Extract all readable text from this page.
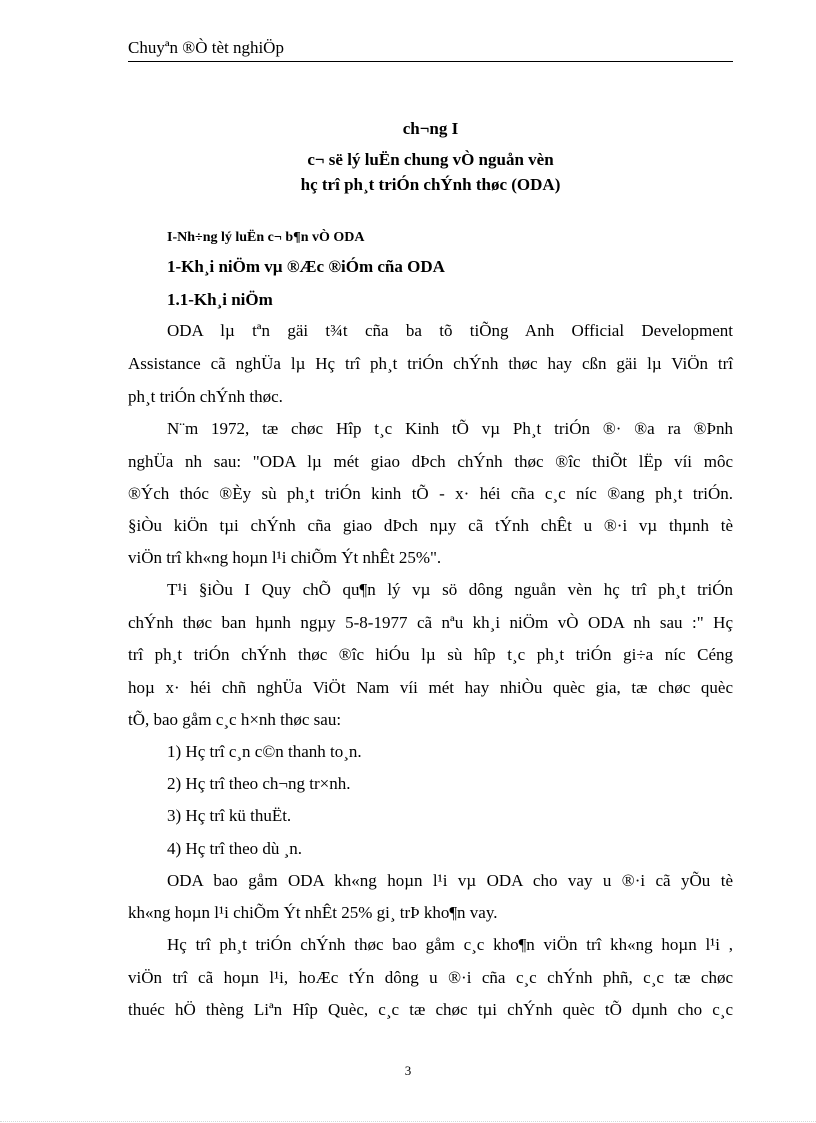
Chuyªn ®Ò tèt nghiÖp
ch¬ng I
c¬ së lý luËn chung vÒ nguån vèn
hç trî ph¸t triÓn chÝnh thøc (ODA)
I-Nh÷ng lý luËn c¬ b¶n vÒ ODA
1-Kh¸i niÖm vµ ®Æc ®iÓm cña ODA
1.1-Kh¸i niÖm
ODA lµ tªn gäi t¾t cña ba tõ tiÕng Anh Official Development
Assistance cã nghÜa lµ Hç trî ph¸t triÓn chÝnh thøc hay cßn gäi lµ ViÖn trî
ph¸t triÓn chÝnh thøc.
N¨m 1972, tæ chøc Hîp t¸c Kinh tÕ vµ Ph¸t triÓn ®· ®a ra ®Þnh
nghÜa nh sau: "ODA lµ mét giao dÞch chÝnh thøc ®îc thiÕt lËp víi môc
®Ých thóc ®Èy sù ph¸t triÓn kinh tÕ - x· héi cña c¸c níc ®ang ph¸t triÓn.
§iÒu kiÖn tµi chÝnh cña giao dÞch nµy cã tÝnh chÊt u ®·i vµ thµnh tè
viÖn trî kh«ng hoµn l¹i chiÕm Ýt nhÊt 25%".
T¹i §iÒu I Quy chÕ qu¶n lý vµ sö dông nguån vèn hç trî ph¸t triÓn
chÝnh thøc ban hµnh ngµy 5-8-1977 cã nªu kh¸i niÖm vÒ ODA nh sau :" Hç
trî ph¸t triÓn chÝnh thøc ®îc hiÓu lµ sù hîp t¸c ph¸t triÓn gi÷a níc Céng
hoµ x· héi chñ nghÜa ViÖt Nam víi mét hay nhiÒu quèc gia, tæ chøc quèc
tÕ, bao gåm c¸c h×nh thøc sau:
1) Hç trî c¸n c©n thanh to¸n.
2) Hç trî theo ch¬ng tr×nh.
3) Hç trî kü thuËt.
4) Hç trî theo dù ¸n.
ODA bao gåm ODA kh«ng hoµn l¹i vµ ODA cho vay u ®·i cã yÕu tè
kh«ng hoµn l¹i chiÕm Ýt nhÊt 25% gi¸ trÞ kho¶n vay.
Hç trî ph¸t triÓn chÝnh thøc bao gåm c¸c kho¶n viÖn trî kh«ng hoµn l¹i ,
viÖn trî cã hoµn l¹i, hoÆc tÝn dông u ®·i cña c¸c chÝnh phñ, c¸c tæ chøc
thuéc hÖ thèng Liªn Hîp Quèc, c¸c tæ chøc tµi chÝnh quèc tÕ dµnh cho c¸c
3
